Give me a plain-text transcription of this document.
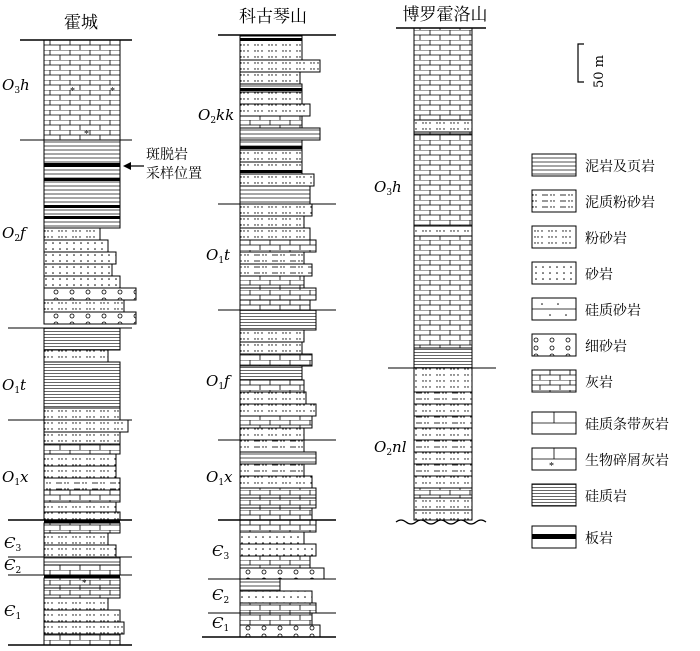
霍城	科古琴山	博罗霍洛山
*	*
*
*
$O_3h$
$O_2f$
$O_1t$
$O_1x$
$Є_3$
$Є_2$
$Є_1$
斑脱岩
采样位置
$O_2kk$
$O_1t$
$O_1f$
$O_1x$
$Є_3$
$Є_2$
$Є_1$
$O_3h$
$O_2nl$
50 m
泥岩及页岩
泥质粉砂岩
粉砂岩
砂岩
硅质砂岩
细砂岩
灰岩
硅质条带灰岩
* 生物碎屑灰岩
硅质岩
板岩
